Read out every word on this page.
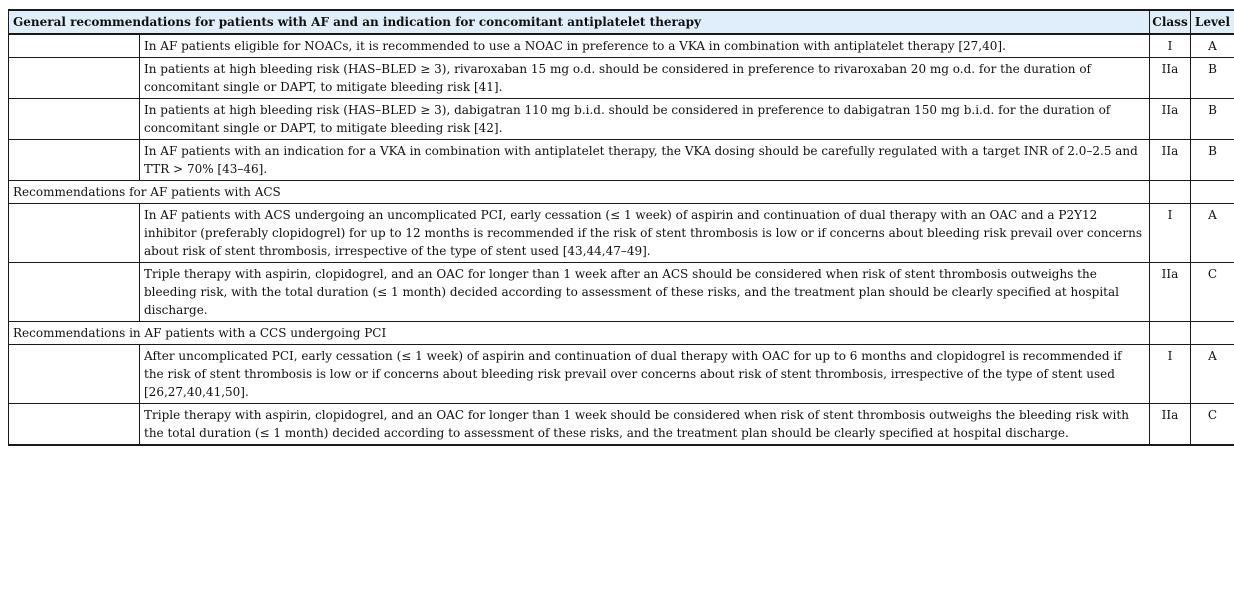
General recommendations for patients with AF and an indication for concomitant antiplatelet therapy		Class	Level
	In AF patients eligible for NOACs, it is recommended to use a NOAC in preference to a VKA in combination with antiplatelet therapy [27,40].	I	A
	In patients at high bleeding risk (HAS–BLED ≥ 3), rivaroxaban 15 mg o.d. should be considered in preference to rivaroxaban 20 mg o.d. for the duration of concomitant single or DAPT, to mitigate bleeding risk [41].	IIa	B
	In patients at high bleeding risk (HAS–BLED ≥ 3), dabigatran 110 mg b.i.d. should be considered in preference to dabigatran 150 mg b.i.d. for the duration of concomitant single or DAPT, to mitigate bleeding risk [42].	IIa	B
	In AF patients with an indication for a VKA in combination with antiplatelet therapy, the VKA dosing should be carefully regulated with a target INR of 2.0–2.5 and TTR > 70% [43–46].	IIa	B
Recommendations for AF patients with ACS			
	In AF patients with ACS undergoing an uncomplicated PCI, early cessation (≤ 1 week) of aspirin and continuation of dual therapy with an OAC and a P2Y12 inhibitor (preferably clopidogrel) for up to 12 months is recommended if the risk of stent thrombosis is low or if concerns about bleeding risk prevail over concerns about risk of stent thrombosis, irrespective of the type of stent used [43,44,47–49].	I	A
	Triple therapy with aspirin, clopidogrel, and an OAC for longer than 1 week after an ACS should be considered when risk of stent thrombosis outweighs the bleeding risk, with the total duration (≤ 1 month) decided according to assessment of these risks, and the treatment plan should be clearly specified at hospital discharge.	IIa	C
Recommendations in AF patients with a CCS undergoing PCI			
	After uncomplicated PCI, early cessation (≤ 1 week) of aspirin and continuation of dual therapy with OAC for up to 6 months and clopidogrel is recommended if the risk of stent thrombosis is low or if concerns about bleeding risk prevail over concerns about risk of stent thrombosis, irrespective of the type of stent used [26,27,40,41,50].	I	A
	Triple therapy with aspirin, clopidogrel, and an OAC for longer than 1 week should be considered when risk of stent thrombosis outweighs the bleeding risk with the total duration (≤ 1 month) decided according to assessment of these risks, and the treatment plan should be clearly specified at hospital discharge.	IIa	C
